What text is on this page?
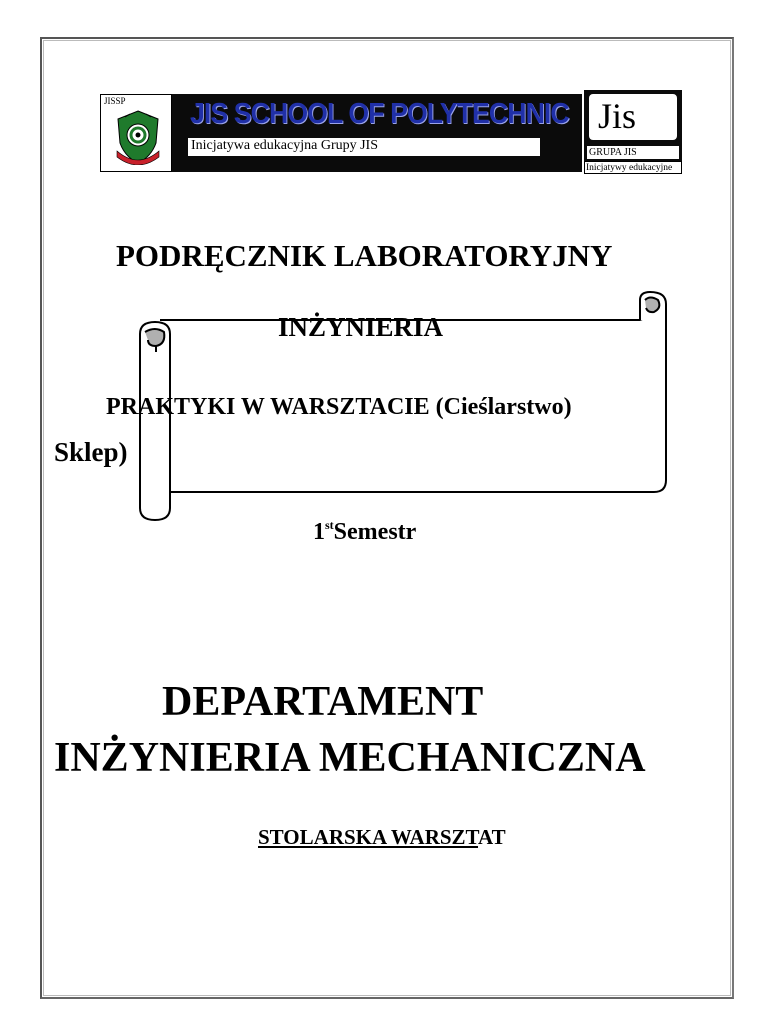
JISSP JIS SCHOOL OF POLYTECHNIC
Inicjatywa edukacyjna Grupy JIS
Jis
GRUPA JIS
Inicjatywy edukacyjne
PODRĘCZNIK LABORATORYJNY
INŻYNIERIA
PRAKTYKI W WARSZTACIE (Cieślarstwo)
Sklep)
1stSemestr
DEPARTAMENT
INŻYNIERIA MECHANICZNA
STOLARSKA WARSZTAT
